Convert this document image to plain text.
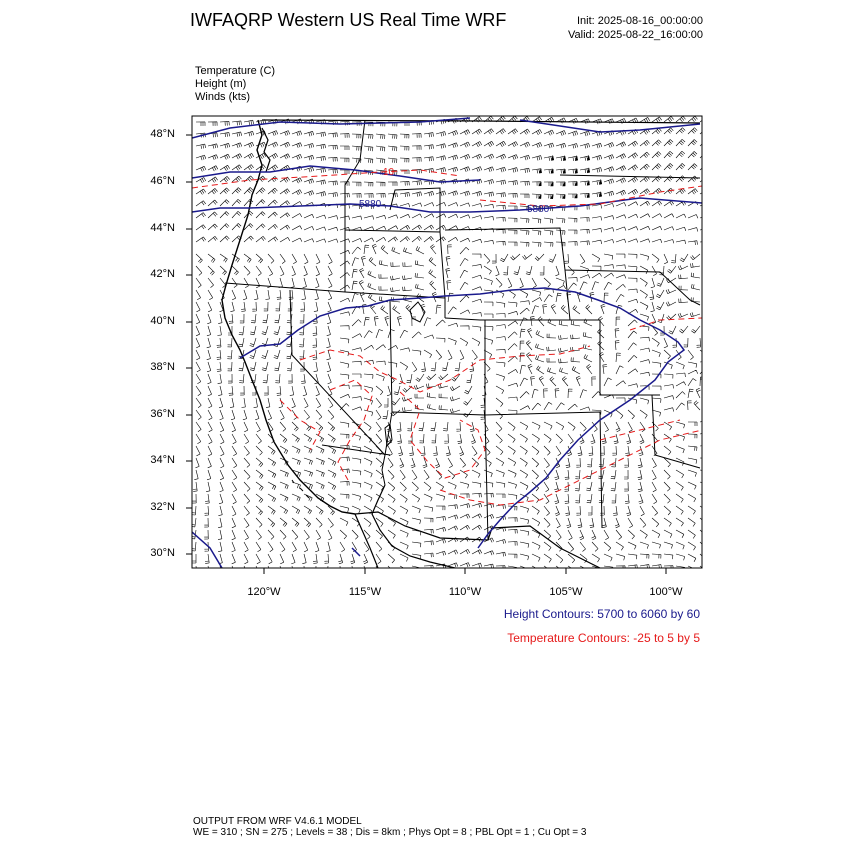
IWFAQRP Western US Real Time WRF	Init: 2025-08-16_00:00:00
Valid: 2025-08-22_16:00:00
Temperature (C)
Height (m)
Winds (kts)
5880	5880
10
48°N
46°N
44°N
42°N
40°N
38°N
36°N
34°N
32°N
30°N
120°W	115°W	110°W	105°W	100°W
Height Contours: 5700 to 6060 by 60
Temperature Contours: -25 to 5 by 5
OUTPUT FROM WRF V4.6.1 MODEL
WE = 310 ; SN = 275 ; Levels = 38 ; Dis = 8km ; Phys Opt = 8 ; PBL Opt = 1 ; Cu Opt = 3
